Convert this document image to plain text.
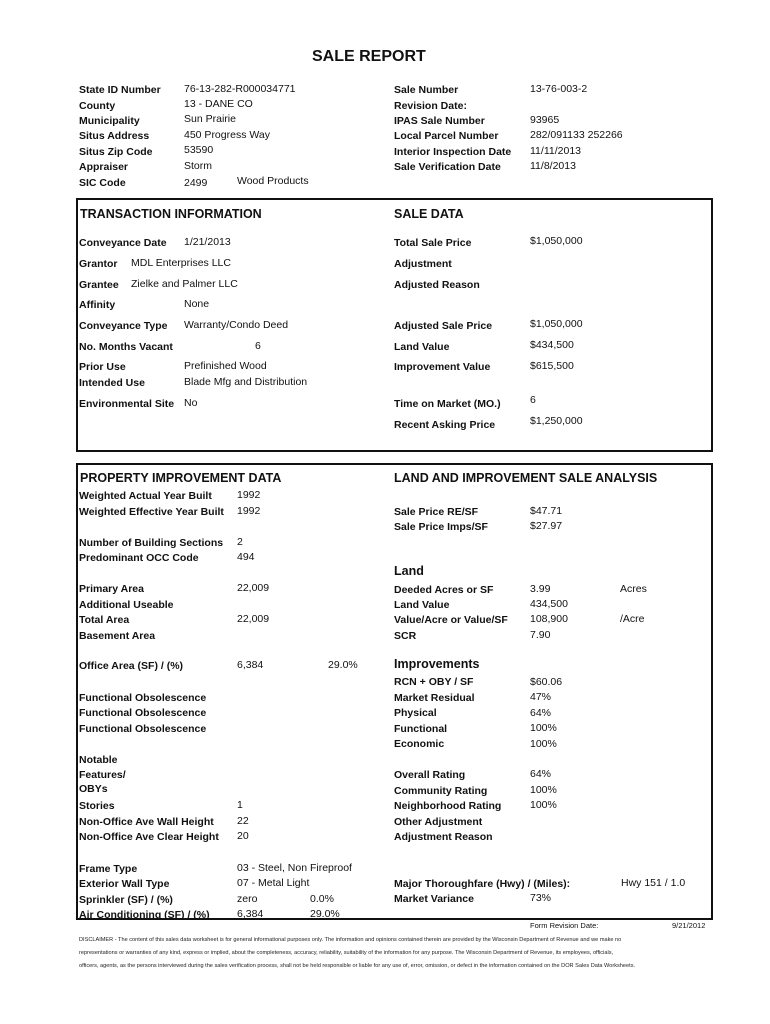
SALE REPORT
State ID Number 76-13-282-R000034771
County	13 - DANE CO
Municipality	Sun Prairie
Situs Address	450 Progress Way
Situs Zip Code	53590
Appraiser	Storm
SIC Code	2499	Wood Products
Sale Number	13-76-003-2
Revision Date:
IPAS Sale Number	93965
Local Parcel Number	282/091133 252266
Interior Inspection Date 11/11/2013
Sale Verification Date	11/8/2013
TRANSACTION INFORMATION	SALE DATA
Conveyance Date 1/21/2013
Grantor MDL Enterprises LLC
Grantee Zielke and Palmer LLC
Affinity	None
Conveyance Type Warranty/Condo Deed
No. Months Vacant	6
Prior Use	Prefinished Wood
Intended Use	Blade Mfg and Distribution
Environmental Site No
Total Sale Price	$1,050,000
Adjustment
Adjusted Reason
Adjusted Sale Price	$1,050,000
Land Value	$434,500
Improvement Value	$615,500
Time on Market (MO.)	6
Recent Asking Price	$1,250,000
PROPERTY IMPROVEMENT DATA	LAND AND IMPROVEMENT SALE ANALYSIS
Weighted Actual Year Built 1992
Weighted Effective Year Built 1992
Number of Building Sections 2
Predominant OCC Code	494
Primary Area	22,009
Additional Useable
Total Area	22,009
Basement Area
Office Area (SF) / (%)	6,384	29.0%
Functional Obsolescence
Functional Obsolescence
Functional Obsolescence
Notable
Features/
OBYs
Stories	1
Non-Office Ave Wall Height 22
Non-Office Ave Clear Height 20
Frame Type	03 - Steel, Non Fireproof
Exterior Wall Type	07 - Metal Light
Sprinkler (SF) / (%)	zero	0.0%
Air Conditioning (SF) / (%)	6,384	29.0%
Sale Price RE/SF	$47.71
Sale Price Imps/SF	$27.97
Land
Deeded Acres or SF	3.99	Acres
Land Value	434,500
Value/Acre or Value/SF 108,900	/Acre
SCR	7.90
Improvements
RCN + OBY / SF	$60.06
Market Residual	47%
Physical	64%
Functional	100%
Economic	100%
Overall Rating	64%
Community Rating	100%
Neighborhood Rating	100%
Other Adjustment
Adjustment Reason
Major Thoroughfare (Hwy) / (Miles):	Hwy 151 / 1.0
Market Variance	73%
Form Revision Date:	9/21/2012
DISCLAIMER - The content of this sales data worksheet is for general informational purposes only. The information and opinions contained therein are provided by the Wisconsin Department of Revenue and we make no
representations or warranties of any kind, express or implied, about the completeness, accuracy, reliability, suitability of the information for any purpose. The Wisconsin Department of Revenue, its employees, officials,
officers, agents, as the persons interviewed during the sales verification process, shall not be held responsible or liable for any use of, error, omission, or defect in the information contained on the DOR Sales Data Worksheets.
